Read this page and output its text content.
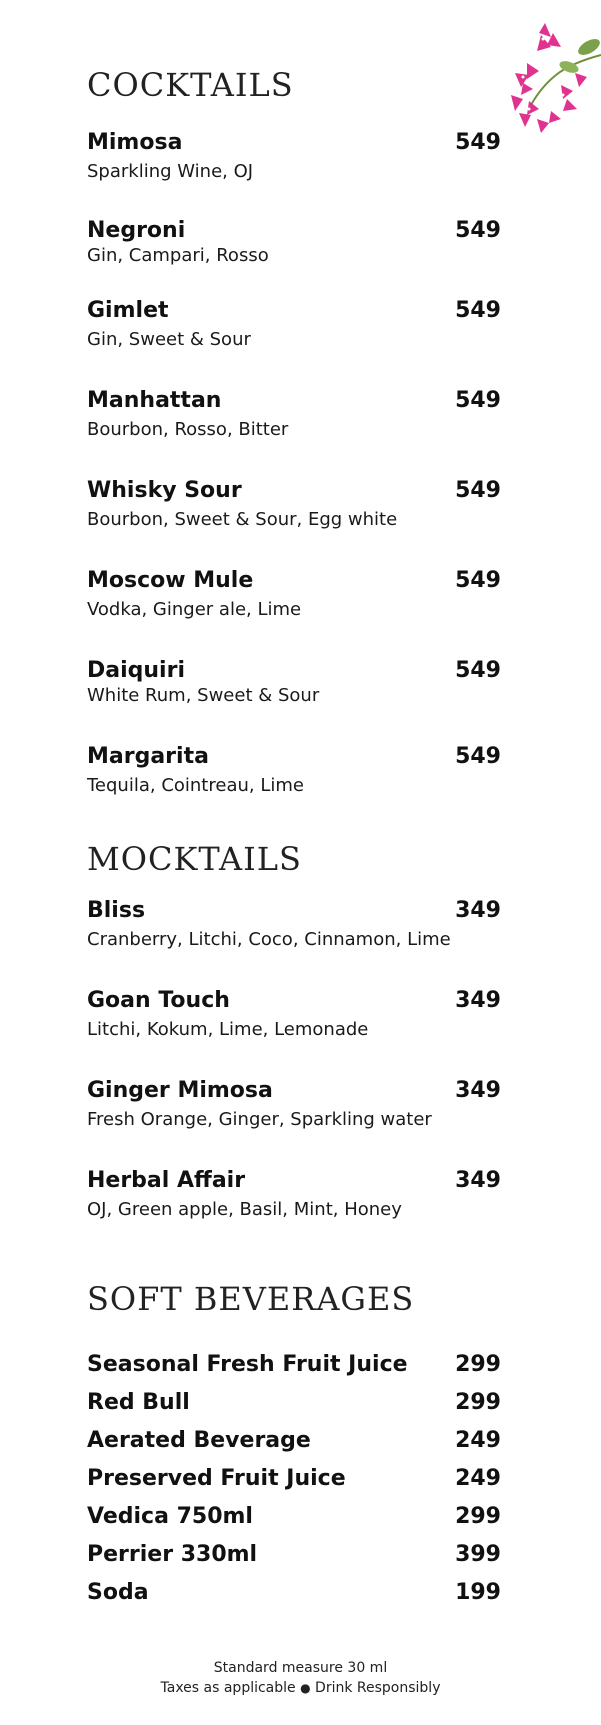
COCKTAILS
Mimosa	549
Sparkling Wine, OJ
Negroni	549
Gin, Campari, Rosso
Gimlet	549
Gin, Sweet & Sour
Manhattan	549
Bourbon, Rosso, Bitter
Whisky Sour	549
Bourbon, Sweet & Sour, Egg white
Moscow Mule	549
Vodka, Ginger ale, Lime
Daiquiri	549
White Rum, Sweet & Sour
Margarita	549
Tequila, Cointreau, Lime
MOCKTAILS
Bliss	349
Cranberry, Litchi, Coco, Cinnamon, Lime
Goan Touch	349
Litchi, Kokum, Lime, Lemonade
Ginger Mimosa	349
Fresh Orange, Ginger, Sparkling water
Herbal Affair	349
OJ, Green apple, Basil, Mint, Honey
SOFT BEVERAGES
Seasonal Fresh Fruit Juice 299
Red Bull	299
Aerated Beverage	249
Preserved Fruit Juice	249
Vedica 750ml	299
Perrier 330ml	399
Soda	199
Standard measure 30 ml
Taxes as applicable ● Drink Responsibly
